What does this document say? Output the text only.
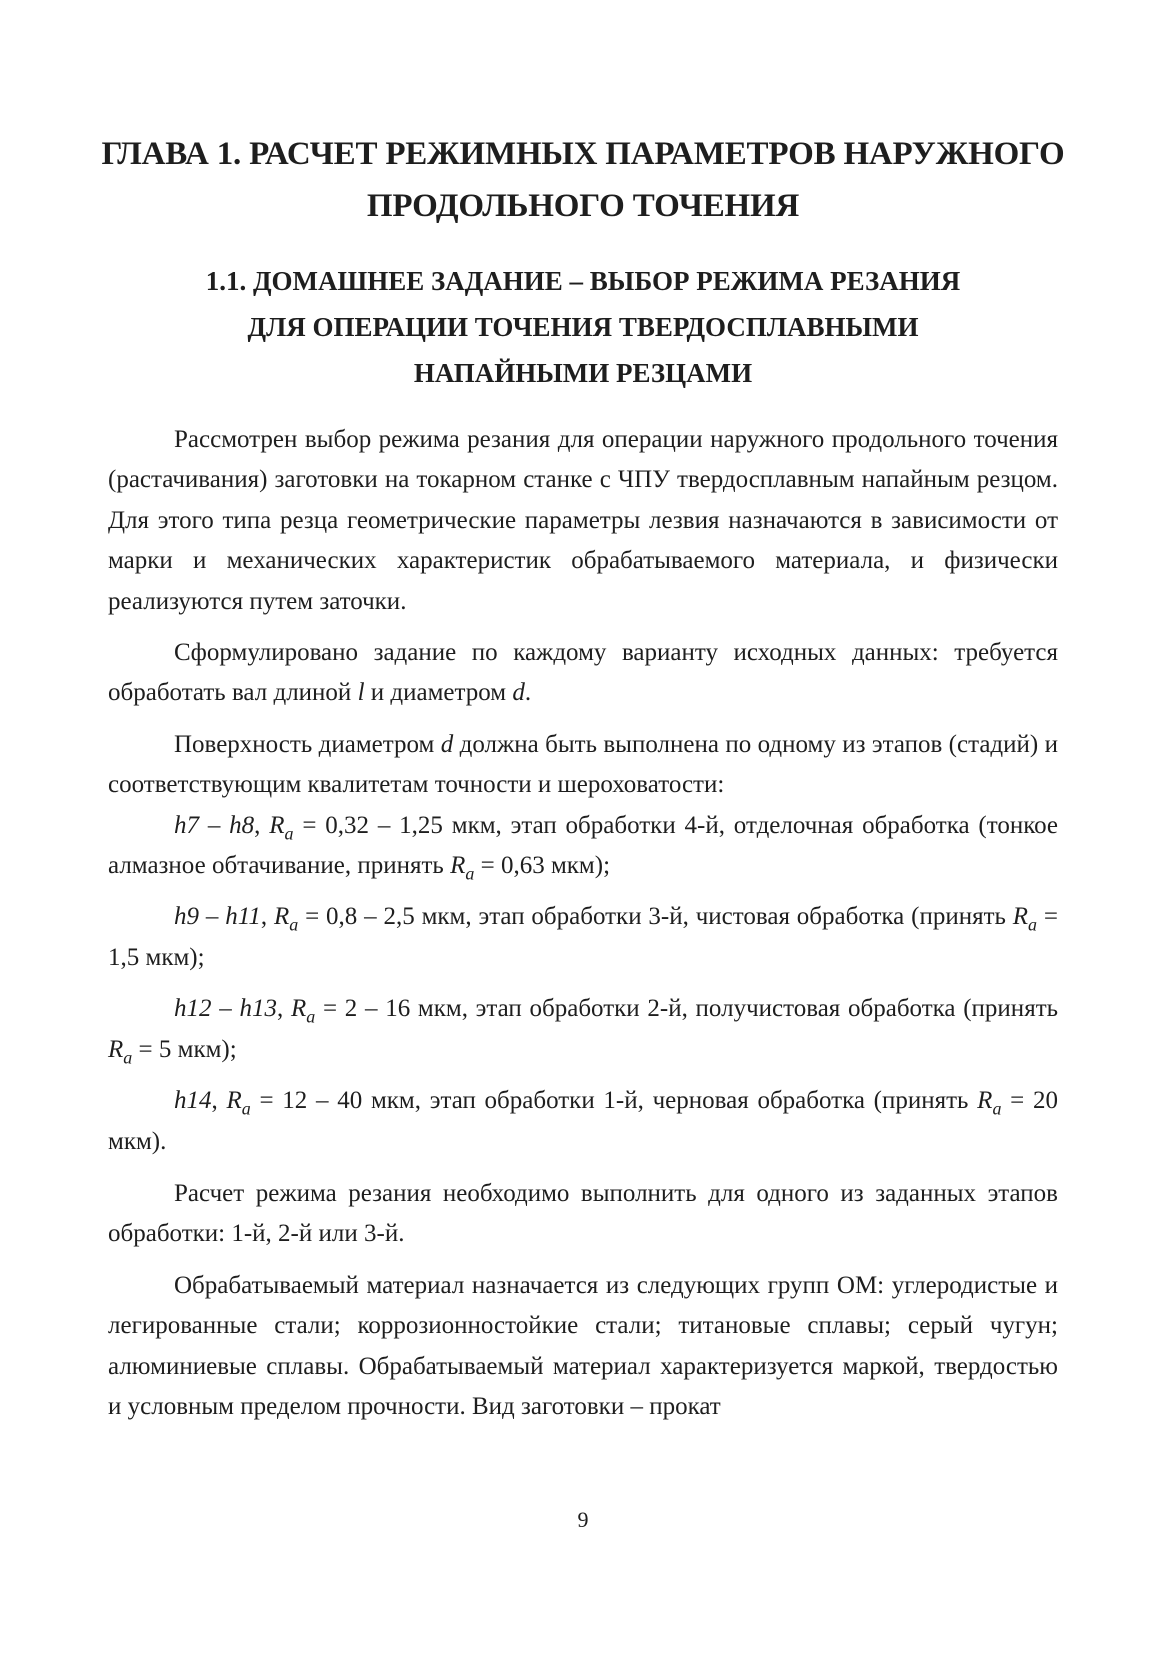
ГЛАВА 1. РАСЧЕТ РЕЖИМНЫХ ПАРАМЕТРОВ НАРУЖНОГО
ПРОДОЛЬНОГО ТОЧЕНИЯ
1.1. ДОМАШНЕЕ ЗАДАНИЕ – ВЫБОР РЕЖИМА РЕЗАНИЯ
ДЛЯ ОПЕРАЦИИ ТОЧЕНИЯ ТВЕРДОСПЛАВНЫМИ
НАПАЙНЫМИ РЕЗЦАМИ

Рассмотрен выбор режима резания для операции наружного продольного точения (растачивания) заготовки на токарном станке с ЧПУ твердосплавным напайным резцом. Для этого типа резца геометрические параметры лезвия назначаются в зависимости от марки и механических характеристик обрабатываемого материала, и физически реализуются путем заточки.

Сформулировано задание по каждому варианту исходных данных: требуется обработать вал длиной l и диаметром d.

Поверхность диаметром d должна быть выполнена по одному из этапов (стадий) и соответствующим квалитетам точности и шероховатости:

h7 – h8, $R_a = 0,32 - 1,25$ мкм, этап обработки 4-й, отделочная обработка (тонкое алмазное обтачивание, принять $R_a = 0,63$ мкм);

h9 – h11, $R_a = 0,8 - 2,5$ мкм, этап обработки 3-й, чистовая обработка (принять $R_a = 1,5$ мкм);

h12 – h13, $R_a = 2 - 16$ мкм, этап обработки 2-й, получистовая обработка (принять $R_a = 5$ мкм);

h14, $R_a = 12 - 40$ мкм, этап обработки 1-й, черновая обработка (принять $R_a = 20$ мкм).

Расчет режима резания необходимо выполнить для одного из заданных этапов обработки: 1-й, 2-й или 3-й.

Обрабатываемый материал назначается из следующих групп ОМ: углеродистые и легированные стали; коррозионностойкие стали; титановые сплавы; серый чугун; алюминиевые сплавы. Обрабатываемый материал характеризуется маркой, твердостью и условным пределом прочности. Вид заготовки – прокат

9
